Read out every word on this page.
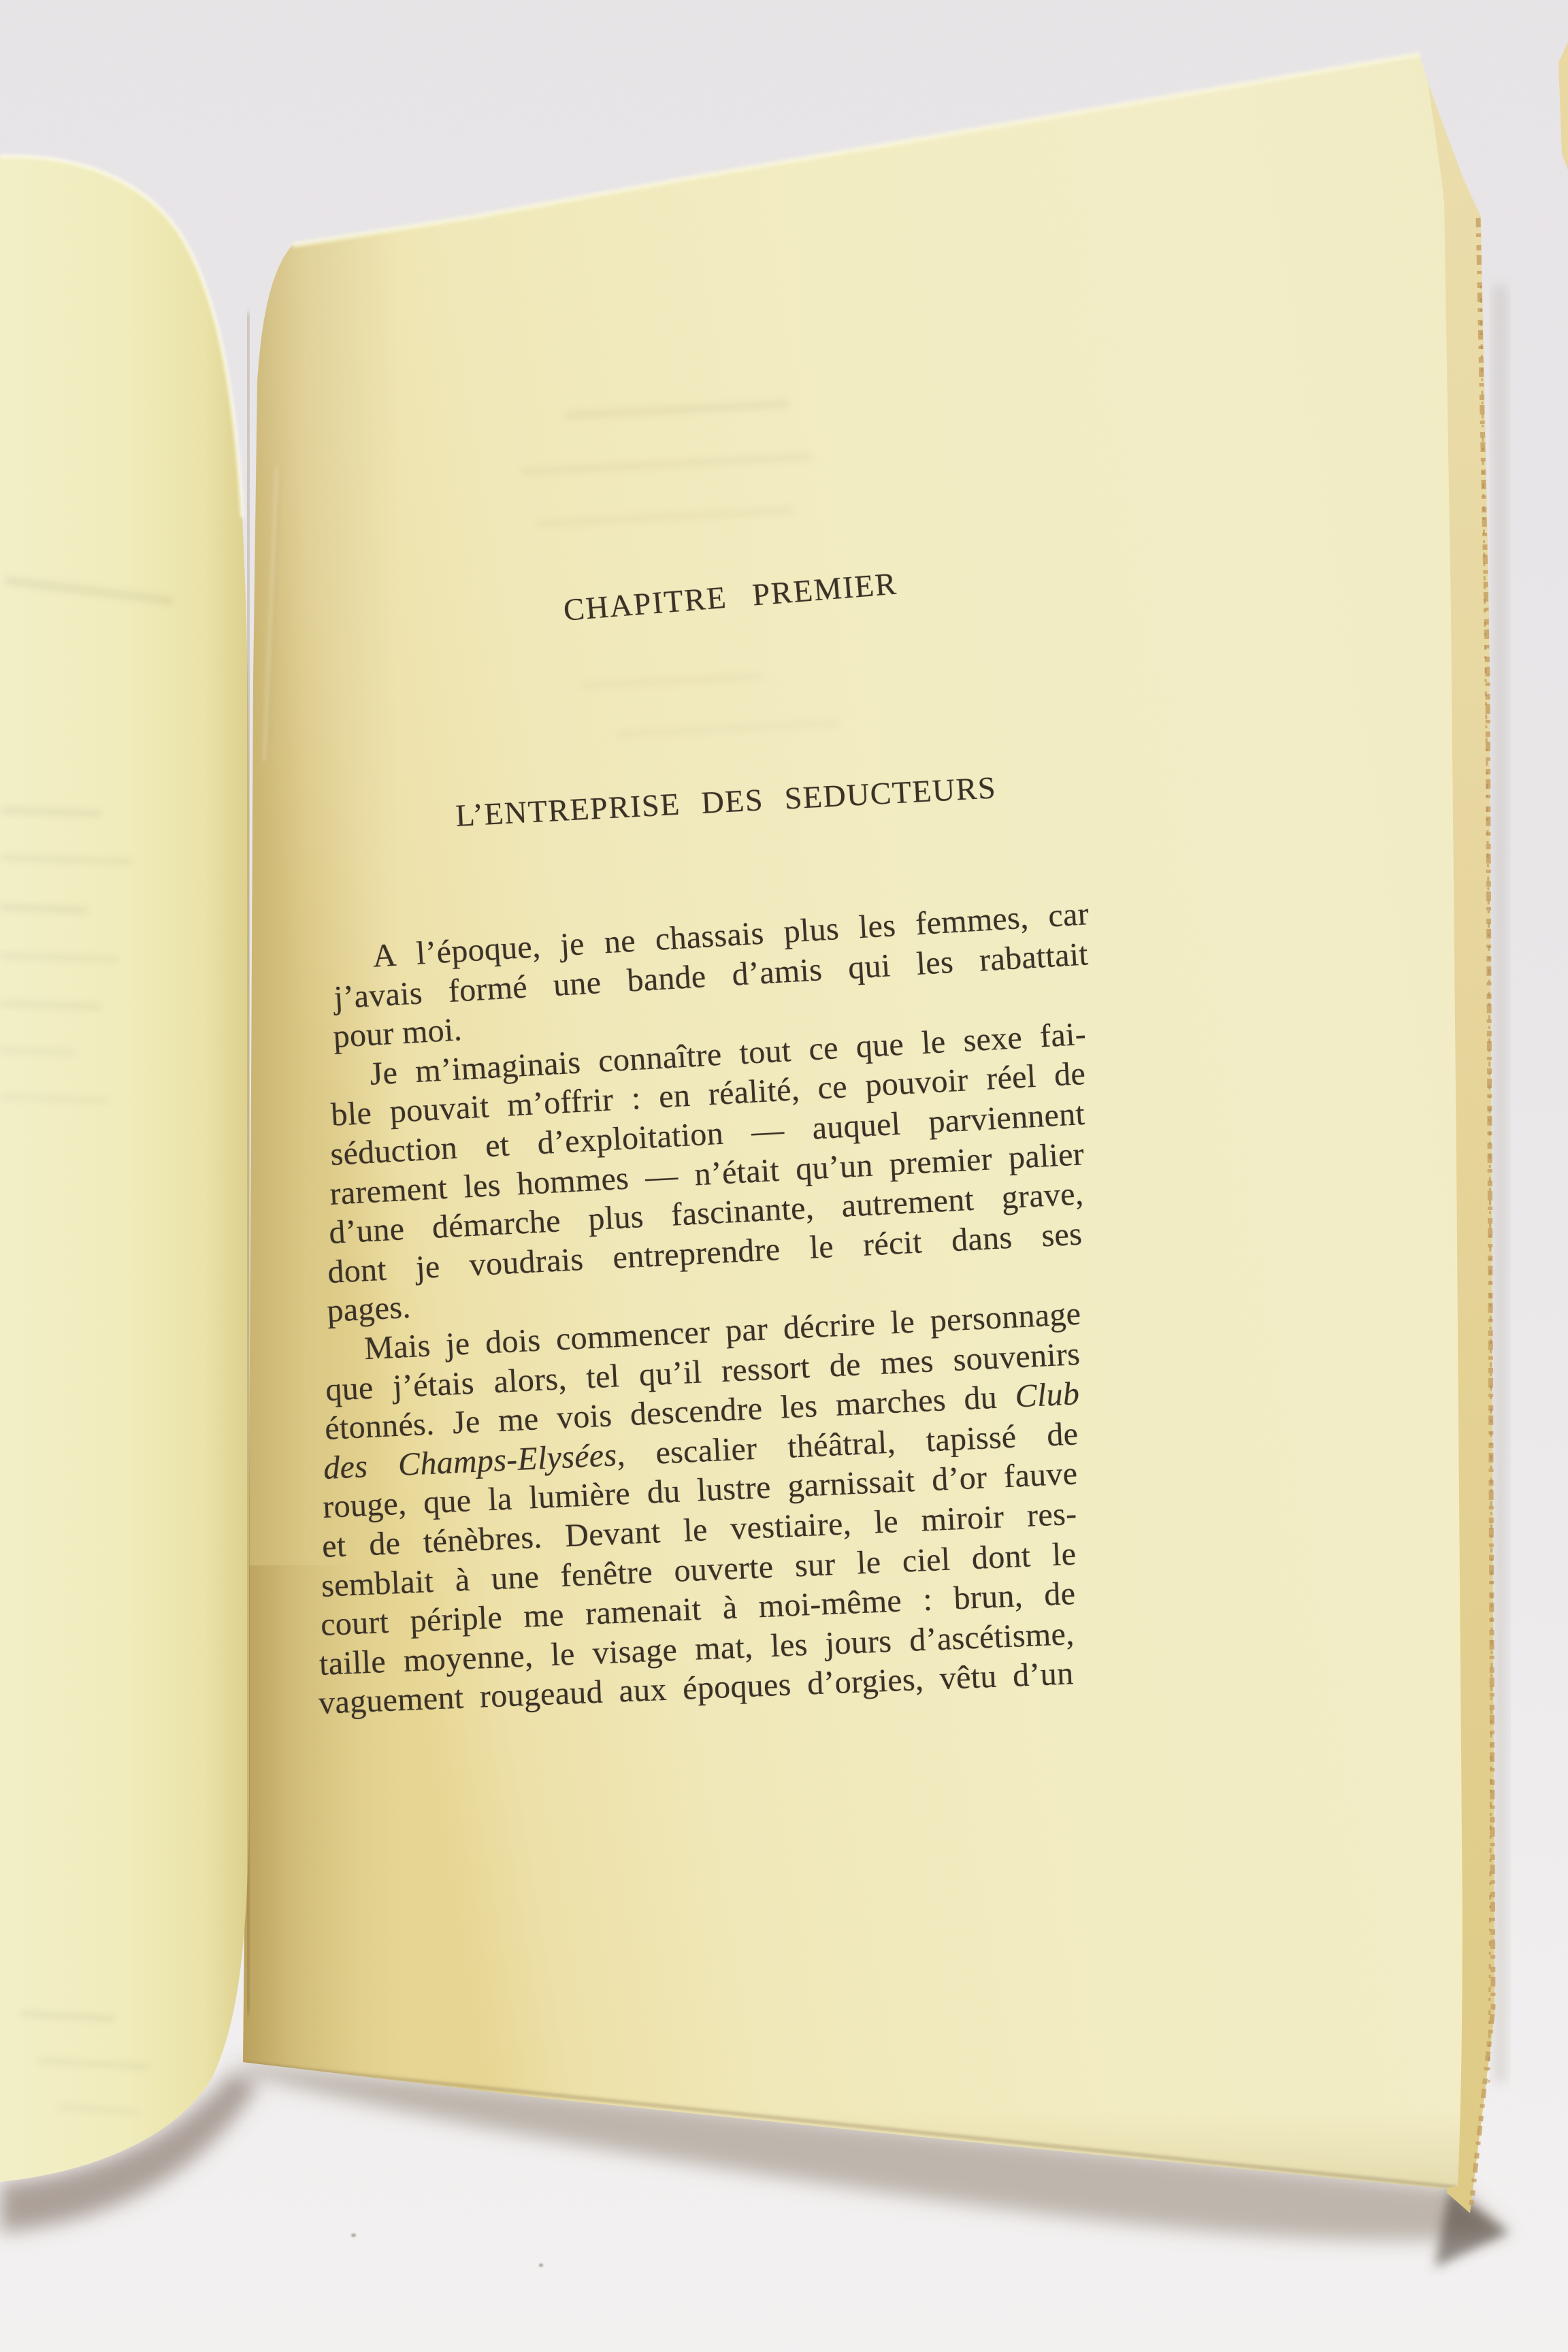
CHAPITRE PREMIER
L’ENTREPRISE DES SEDUCTEURS
A l’époque, je ne chassais plus les femmes, car
j’avais formé une bande d’amis qui les rabattait
pour moi.
Je m’imaginais connaître tout ce que le sexe fai-
ble pouvait m’offrir : en réalité, ce pouvoir réel de
séduction et d’exploitation — auquel parviennent
rarement les hommes — n’était qu’un premier palier
d’une démarche plus fascinante, autrement grave,
dont je voudrais entreprendre le récit dans ses
pages.
Mais je dois commencer par décrire le personnage
que j’étais alors, tel qu’il ressort de mes souvenirs
étonnés. Je me vois descendre les marches du Club
des Champs-Elysées, escalier théâtral, tapissé de
rouge, que la lumière du lustre garnissait d’or fauve
et de ténèbres. Devant le vestiaire, le miroir res-
semblait à une fenêtre ouverte sur le ciel dont le
court périple me ramenait à moi-même : brun, de
taille moyenne, le visage mat, les jours d’ascétisme,
vaguement rougeaud aux époques d’orgies, vêtu d’un
